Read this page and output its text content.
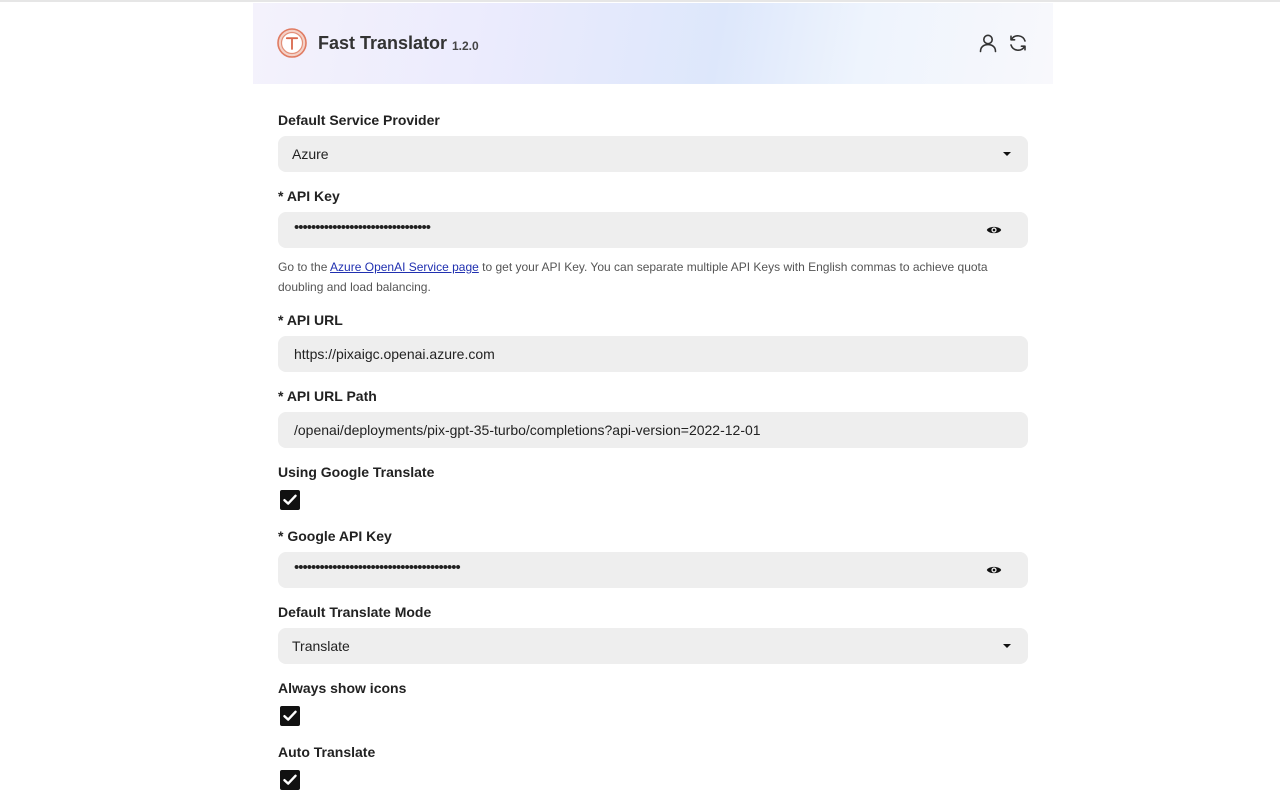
Fast Translator 1.2.0
Default Service Provider
Azure
* API Key
••••••••••••••••••••••••••••••••
Go to the Azure OpenAI Service page to get your API Key. You can separate multiple API Keys with English commas to achieve quota doubling and load balancing.
* API URL
https://pixaigc.openai.azure.com
* API URL Path
/openai/deployments/pix-gpt-35-turbo/completions?api-version=2022-12-01
Using Google Translate
* Google API Key
•••••••••••••••••••••••••••••••••••••••
Default Translate Mode
Translate
Always show icons
Auto Translate
